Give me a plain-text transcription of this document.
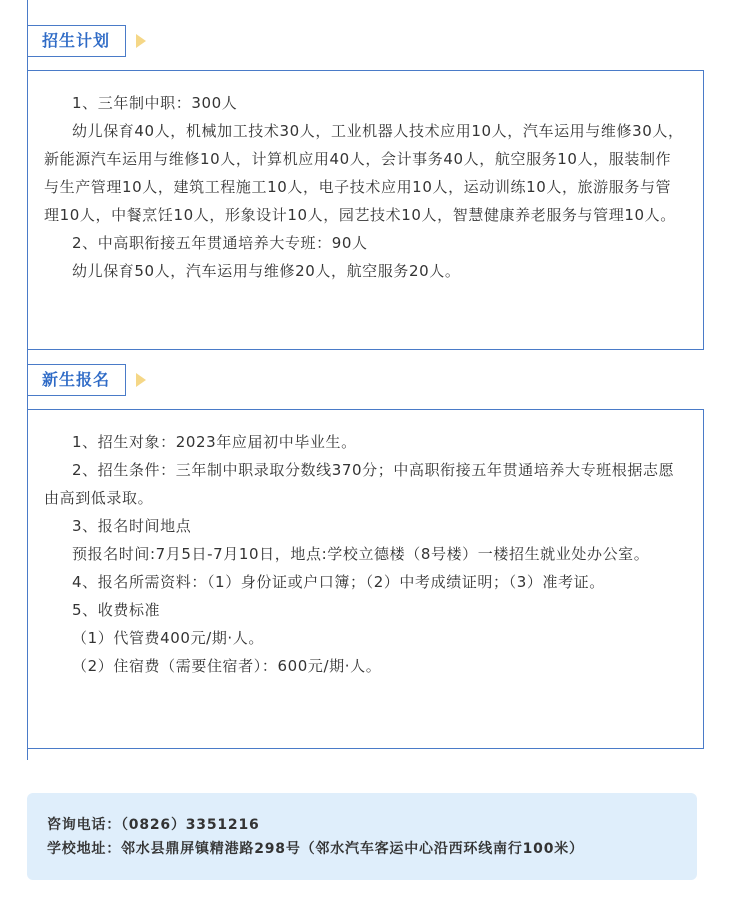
招生计划

1、三年制中职：300人

幼儿保育40人，机械加工技术30人，工业机器人技术应用10人，汽车运用与维修30人，新能源汽车运用与维修10人，计算机应用40人，会计事务40人，航空服务10人，服装制作与生产管理10人，建筑工程施工10人，电子技术应用10人，运动训练10人，旅游服务与管理10人，中餐烹饪10人，形象设计10人，园艺技术10人，智慧健康养老服务与管理10人。

2、中高职衔接五年贯通培养大专班：90人

幼儿保育50人，汽车运用与维修20人，航空服务20人。

新生报名

1、招生对象：2023年应届初中毕业生。

2、招生条件：三年制中职录取分数线370分；中高职衔接五年贯通培养大专班根据志愿由高到低录取。

3、报名时间地点

预报名时间:7月5日-7月10日，地点:学校立德楼（8号楼）一楼招生就业处办公室。

4、报名所需资料：（1）身份证或户口簿；（2）中考成绩证明；（3）准考证。

5、收费标准

（1）代管费400元/期·人。

（2）住宿费（需要住宿者）：600元/期·人。

咨询电话：（0826）3351216
学校地址：邻水县鼎屏镇精港路298号（邻水汽车客运中心沿西环线南行100米）
